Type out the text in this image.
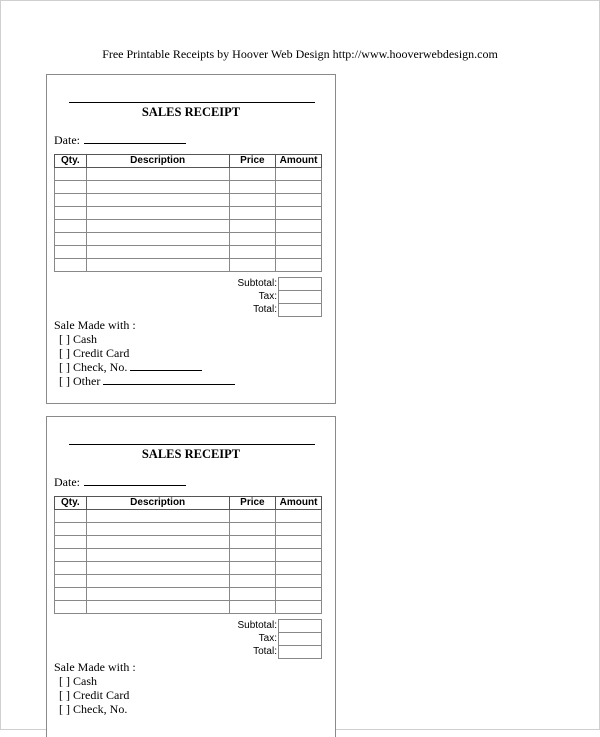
Free Printable Receipts by Hoover Web Design http://www.hooverwebdesign.com
SALES RECEIPT
Date:
Qty.	Description	Price	Amount

Subtotal:	
Tax:	
Total:	
Sale Made with :
[ ] Cash
[ ] Credit Card
[ ] Check, No.
[ ] Other
SALES RECEIPT
Date:
Qty.	Description	Price	Amount

Subtotal:	
Tax:	
Total:	
Sale Made with :
[ ] Cash
[ ] Credit Card
[ ] Check, No.
